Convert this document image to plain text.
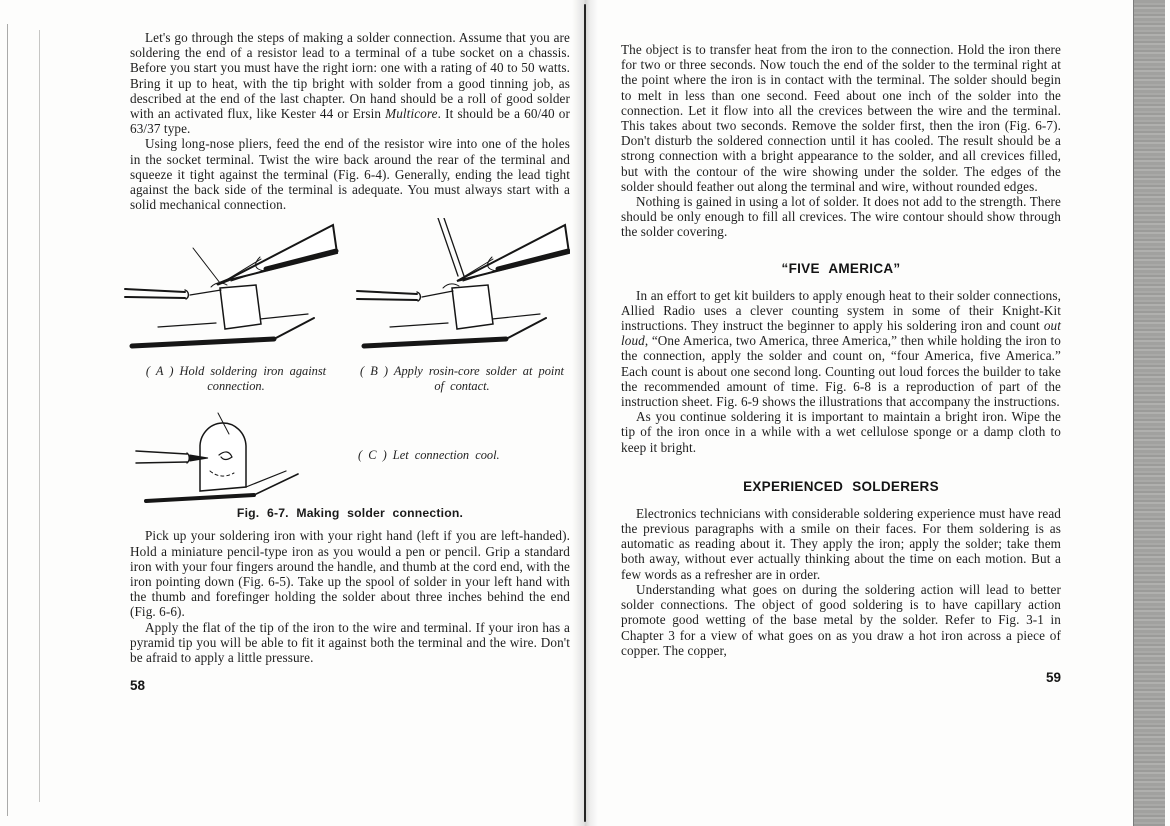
Let's go through the steps of making a solder connection. Assume that you are soldering the end of a resistor lead to a terminal of a tube socket on a chassis. Before you start you must have the right iorn: one with a rating of 40 to 50 watts. Bring it up to heat, with the tip bright with solder from a good tinning job, as described at the end of the last chapter. On hand should be a roll of good solder with an activated flux, like Kester 44 or Ersin Multicore. It should be a 60/40 or 63/37 type.

Using long-nose pliers, feed the end of the resistor wire into one of the holes in the socket terminal. Twist the wire back around the rear of the terminal and squeeze it tight against the terminal (Fig. 6-4). Generally, ending the lead tight against the back side of the terminal is adequate. You must always start with a solid mechanical connection.

( A ) Hold soldering iron against connection.
( B ) Apply rosin-core solder at point of contact.
( C ) Let connection cool.
Fig. 6-7. Making solder connection.

Pick up your soldering iron with your right hand (left if you are left-handed). Hold a miniature pencil-type iron as you would a pen or pencil. Grip a standard iron with your four fingers around the handle, and thumb at the cord end, with the iron pointing down (Fig. 6-5). Take up the spool of solder in your left hand with the thumb and forefinger holding the solder about three inches behind the end (Fig. 6-6).

Apply the flat of the tip of the iron to the wire and terminal. If your iron has a pyramid tip you will be able to fit it against both the terminal and the wire. Don't be afraid to apply a little pressure.

58

The object is to transfer heat from the iron to the connection. Hold the iron there for two or three seconds. Now touch the end of the solder to the terminal right at the point where the iron is in contact with the terminal. The solder should begin to melt in less than one second. Feed about one inch of the solder into the connection. Let it flow into all the crevices between the wire and the terminal. This takes about two seconds. Remove the solder first, then the iron (Fig. 6-7). Don't disturb the soldered connection until it has cooled. The result should be a strong connection with a bright appearance to the solder, and all crevices filled, but with the contour of the wire showing under the solder. The edges of the solder should feather out along the terminal and wire, without rounded edges.

Nothing is gained in using a lot of solder. It does not add to the strength. There should be only enough to fill all crevices. The wire contour should show through the solder covering.

“FIVE AMERICA”

In an effort to get kit builders to apply enough heat to their solder connections, Allied Radio uses a clever counting system in some of their Knight-Kit instructions. They instruct the beginner to apply his soldering iron and count out loud, “One America, two America, three America,” then while holding the iron to the connection, apply the solder and count on, “four America, five America.” Each count is about one second long. Counting out loud forces the builder to take the recommended amount of time. Fig. 6-8 is a reproduction of part of the instruction sheet. Fig. 6-9 shows the illustrations that accompany the instructions.

As you continue soldering it is important to maintain a bright iron. Wipe the tip of the iron once in a while with a wet cellulose sponge or a damp cloth to keep it bright.

EXPERIENCED SOLDERERS

Electronics technicians with considerable soldering experience must have read the previous paragraphs with a smile on their faces. For them soldering is as automatic as reading about it. They apply the iron; apply the solder; take them both away, without ever actually thinking about the time on each motion. But a few words as a refresher are in order.

Understanding what goes on during the soldering action will lead to better solder connections. The object of good soldering is to have capillary action promote good wetting of the base metal by the solder. Refer to Fig. 3-1 in Chapter 3 for a view of what goes on as you draw a hot iron across a piece of copper. The copper,

59
